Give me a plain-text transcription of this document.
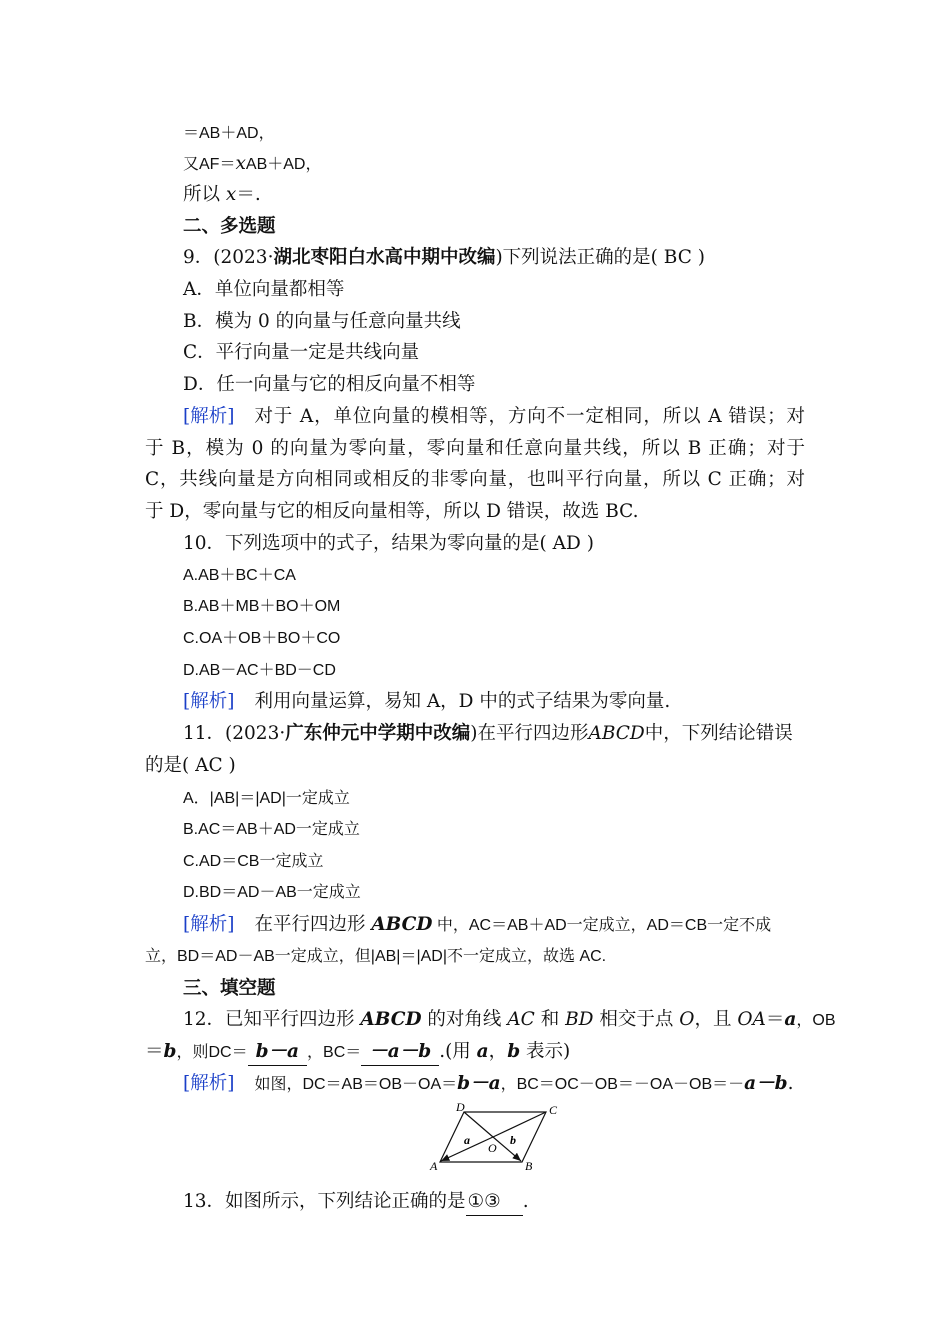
＝AB＋AD，
又AF＝xAB＋AD，
所以 x＝.
二、多选题
9．(2023·湖北枣阳白水高中期中改编)下列说法正确的是( BC )
A．单位向量都相等
B．模为 0 的向量与任意向量共线
C．平行向量一定是共线向量
D．任一向量与它的相反向量不相等
[解析] 对于 A，单位向量的模相等，方向不一定相同，所以 A 错误；对
于 B，模为 0 的向量为零向量，零向量和任意向量共线，所以 B 正确；对于
C，共线向量是方向相同或相反的非零向量，也叫平行向量，所以 C 正确；对
于 D，零向量与它的相反向量相等，所以 D 错误，故选 BC.
10．下列选项中的式子，结果为零向量的是( AD )
A.AB＋BC＋CA
B.AB＋MB＋BO＋OM
C.OA＋OB＋BO＋CO
D.AB－AC＋BD－CD
[解析] 利用向量运算，易知 A，D 中的式子结果为零向量.
11．(2023· 广东仲元中学期中改编 )在平行四边形 ABCD 中，下列结论错误
的是( AC )
A．|AB|＝|AD|一定成立
B.AC＝AB＋AD一定成立
C.AD＝CB一定成立
D.BD＝AD－AB一定成立
[解析] 在平行四边形 ABCD 中，AC＝AB＋AD一定成立，AD＝CB一定不成
立，BD＝AD－AB一定成立，但|AB|＝|AD|不一定成立，故选 AC.
三、填空题
12．已知平行四边形 ABCD 的对角线 AC 和 BD 相交于点 O，且 OA＝a，OB
＝b，则DC＝ b－a ，BC＝ －a－b .(用 a，b 表示)
[解析] 如图，DC＝AB＝OB－OA＝b－a，BC＝OC－OB＝－OA－OB＝－a－b.
D	C
A	B
O
a	b
13．如图所示，下列结论正确的是 ①③ .
